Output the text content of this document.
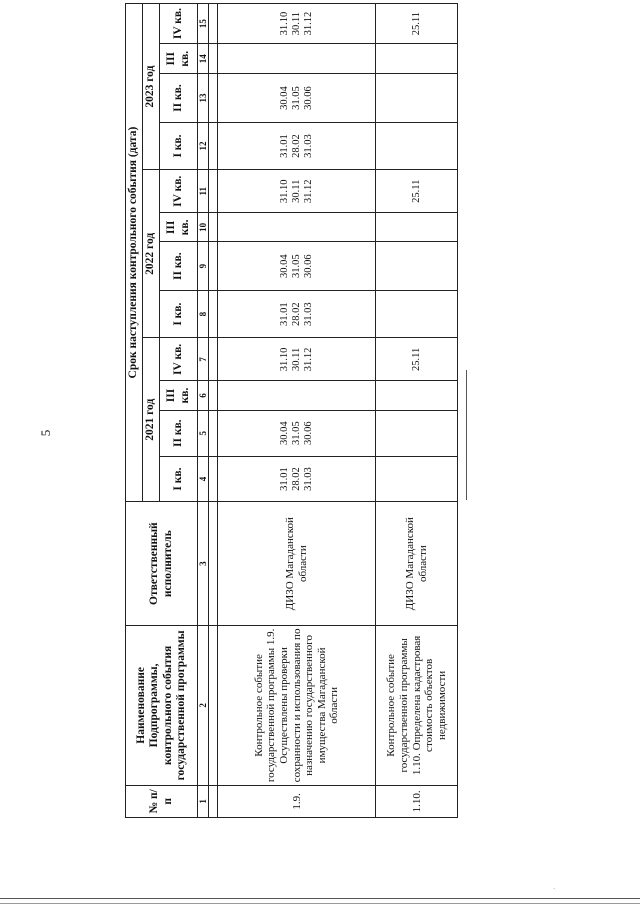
5
№ п/п	Наименование Подпрограммы, контрольного события государственной программы	Ответственный исполнитель	Срок наступления контрольного события (дата)											
			2021 год				2022 год				2023 год			
			I кв.	II кв.	III кв.	IV кв.	I кв.	II кв.	III кв.	IV кв.	I кв.	II кв.	III кв.	IV кв.
1	2	3	4	5	6	7	8	9	10	11	12	13	14	15

1.9.	Контрольное событие государственной программы 1.9. Осуществлены проверки сохранности и использования по назначению государственного имущества Магаданской области	ДИЗО Магаданской области	31.01
28.02
31.03	30.04
31.05
30.06		31.10
30.11
31.12	31.01
28.02
31.03	30.04
31.05
30.06		31.10
30.11
31.12	31.01
28.02
31.03	30.04
31.05
30.06		31.10
30.11
31.12
1.10.	Контрольное событие государственной программы 1.10. Определена кадастровая стоимость объектов недвижимости	ДИЗО Магаданской области				25.11				25.11				25.11
·
